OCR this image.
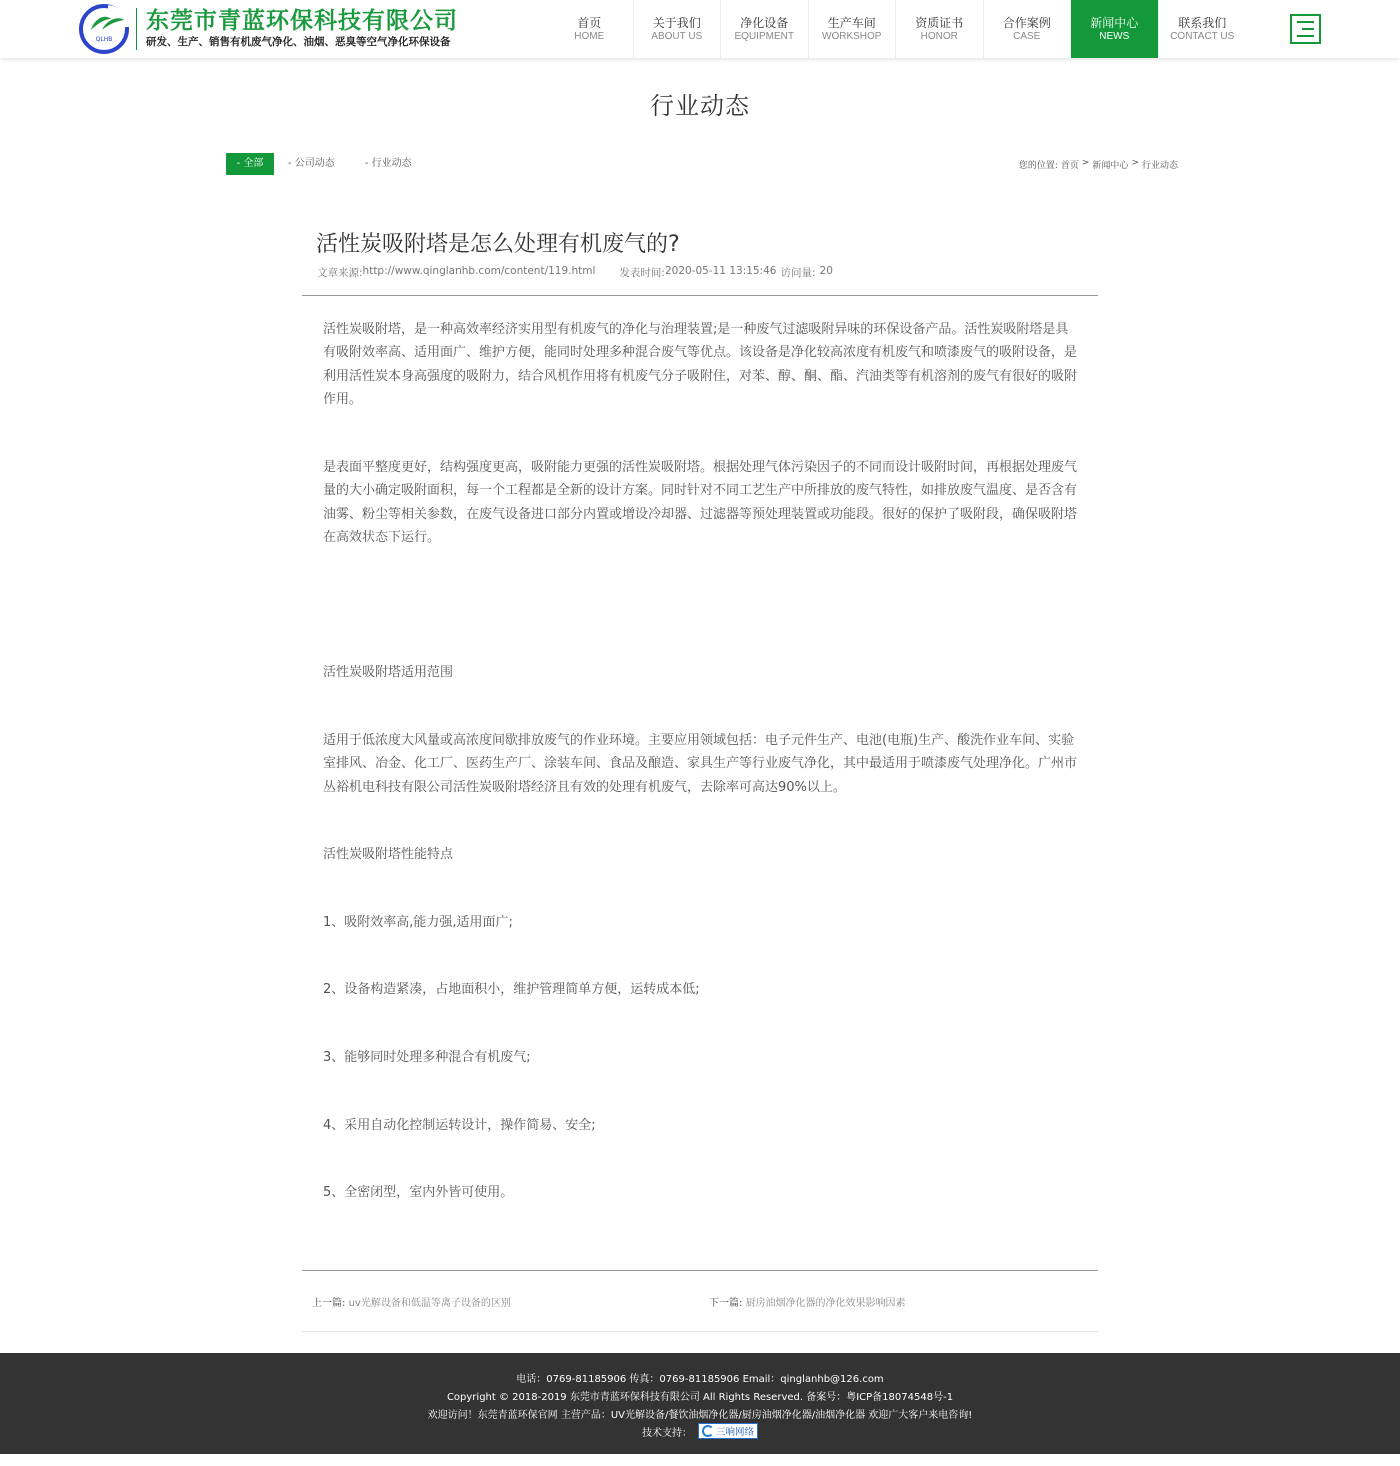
QLHB
东莞市青蓝环保科技有限公司
研发、生产、销售有机废气净化、油烟、恶臭等空气净化环保设备
首页
HOME
关于我们
ABOUT US
净化设备
EQUIPMENT
生产车间
WORKSHOP
资质证书
HONOR
合作案例
CASE
新闻中心
NEWS
联系我们
CONTACT US
行业动态
- 全部	- 公司动态	- 行业动态	您的位置: 首页 > 新闻中心 > 行业动态
活性炭吸附塔是怎么处理有机废气的?
文章来源: http://www.qinglanhb.com/content/119.html 发表时间: 2020-05-11 13:15:46 访问量: 20

活性炭吸附塔，是一种高效率经济实用型有机废气的净化与治理装置;是一种废气过滤吸附异味的环保设备产品。活性炭吸附塔是具有吸附效率高、适用面广、维护方便，能同时处理多种混合废气等优点。该设备是净化较高浓度有机废气和喷漆废气的吸附设备，是利用活性炭本身高强度的吸附力，结合风机作用将有机废气分子吸附住，对苯、醇、酮、酯、汽油类等有机溶剂的废气有很好的吸附作用。

是表面平整度更好，结构强度更高，吸附能力更强的活性炭吸附塔。根据处理气体污染因子的不同而设计吸附时间，再根据处理废气量的大小确定吸附面积，每一个工程都是全新的设计方案。同时针对不同工艺生产中所排放的废气特性，如排放废气温度、是否含有油雾、粉尘等相关参数，在废气设备进口部分内置或增设冷却器、过滤器等预处理装置或功能段。很好的保护了吸附段，确保吸附塔在高效状态下运行。

活性炭吸附塔适用范围

适用于低浓度大风量或高浓度间歇排放废气的作业环境。主要应用领域包括：电子元件生产、电池(电瓶)生产、酸洗作业车间、实验室排风、冶金、化工厂、医药生产厂、涂装车间、食品及酿造、家具生产等行业废气净化，其中最适用于喷漆废气处理净化。广州市丛裕机电科技有限公司活性炭吸附塔经济且有效的处理有机废气，去除率可高达90%以上。

活性炭吸附塔性能特点

1、吸附效率高,能力强,适用面广;

2、设备构造紧凑，占地面积小，维护管理简单方便，运转成本低;

3、能够同时处理多种混合有机废气;

4、采用自动化控制运转设计，操作简易、安全;

5、全密闭型，室内外皆可使用。

上一篇: uv光解设备和低温等离子设备的区别	下一篇: 厨房油烟净化器的净化效果影响因素
电话：0769-81185906 传真：0769-81185906 Email：qinglanhb@126.com
Copyright © 2018-2019 东莞市青蓝环保科技有限公司 All Rights Reserved. 备案号：粤ICP备18074548号-1
欢迎访问！东莞青蓝环保官网 主营产品：UV光解设备/餐饮油烟净化器/厨房油烟净化器/油烟净化器 欢迎广大客户来电咨询!
技术支持：	三响网络
